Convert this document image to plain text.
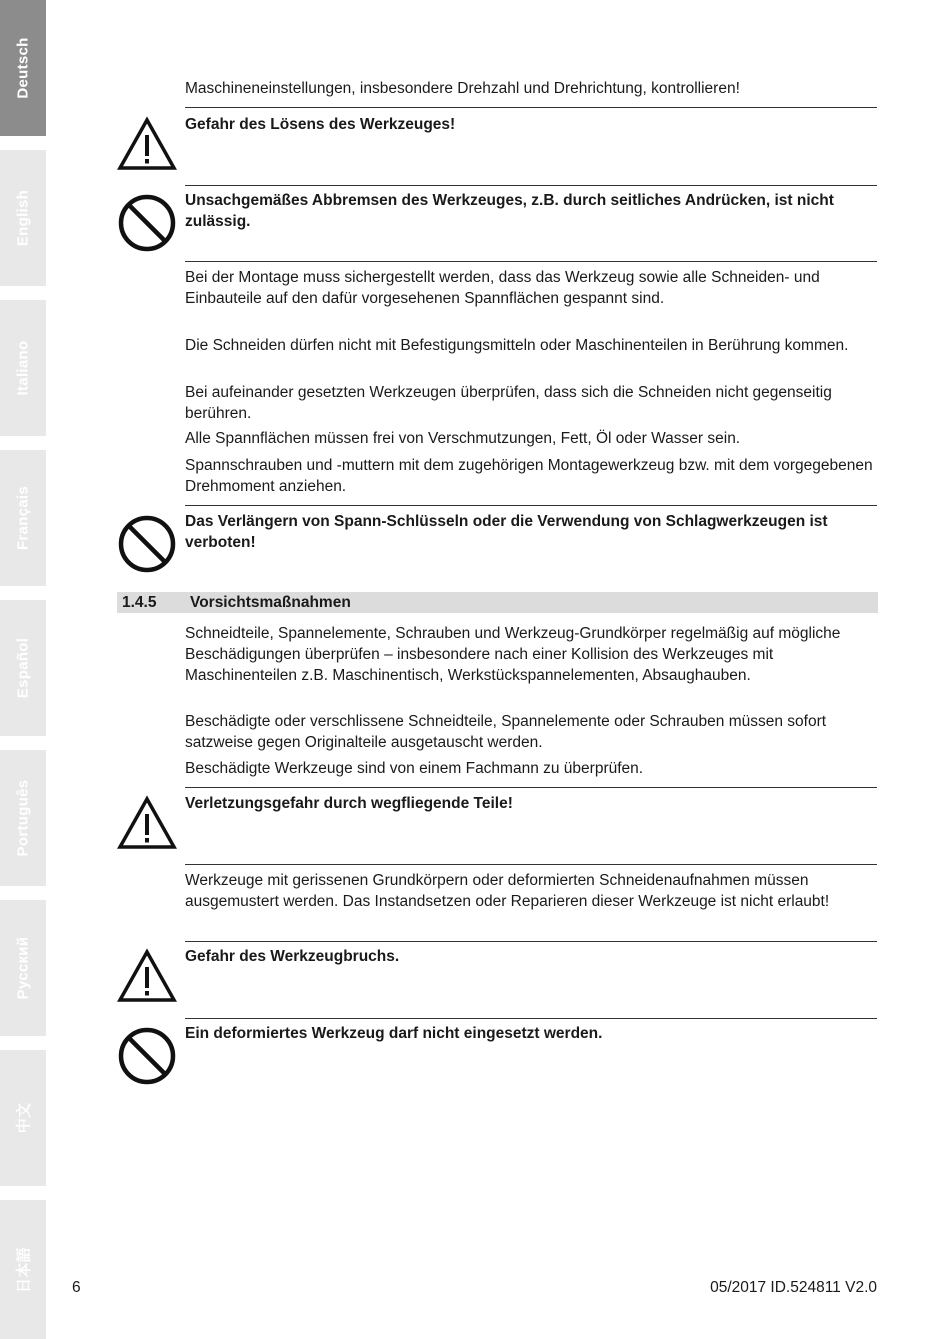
Deutsch
English
Italiano
Français
Español
Português
Русский
中文
日本語

Maschineneinstellungen, insbesondere Drehzahl und Drehrichtung, kontrollieren!

Gefahr des Lösens des Werkzeuges!

Unsachgemäßes Abbremsen des Werkzeuges, z.B. durch seitliches Andrücken, ist nicht zulässig.

Bei der Montage muss sichergestellt werden, dass das Werkzeug sowie alle Schneiden- und Einbauteile auf den dafür vorgesehenen Spannflächen gespannt sind.

Die Schneiden dürfen nicht mit Befestigungsmitteln oder Maschinenteilen in Berührung kommen.

Bei aufeinander gesetzten Werkzeugen überprüfen, dass sich die Schneiden nicht gegenseitig berühren.

Alle Spannflächen müssen frei von Verschmutzungen, Fett, Öl oder Wasser sein.

Spannschrauben und -muttern mit dem zugehörigen Montagewerkzeug bzw. mit dem vorgegebenen Drehmoment anziehen.

Das Verlängern von Spann-Schlüsseln oder die Verwendung von Schlagwerkzeugen ist verboten!

1.4.5 Vorsichtsmaßnahmen

Schneidteile, Spannelemente, Schrauben und Werkzeug-Grundkörper regelmäßig auf mögliche Beschädigungen überprüfen – insbesondere nach einer Kollision des Werkzeuges mit Maschinenteilen z.B. Maschinentisch, Werkstückspannelementen, Absaughauben.

Beschädigte oder verschlissene Schneidteile, Spannelemente oder Schrauben müssen sofort satzweise gegen Originalteile ausgetauscht werden.

Beschädigte Werkzeuge sind von einem Fachmann zu überprüfen.

Verletzungsgefahr durch wegfliegende Teile!

Werkzeuge mit gerissenen Grundkörpern oder deformierten Schneidenaufnahmen müssen ausgemustert werden. Das Instandsetzen oder Reparieren dieser Werkzeuge ist nicht erlaubt!

Gefahr des Werkzeugbruchs.

Ein deformiertes Werkzeug darf nicht eingesetzt werden.

6	05/2017 ID.524811 V2.0
